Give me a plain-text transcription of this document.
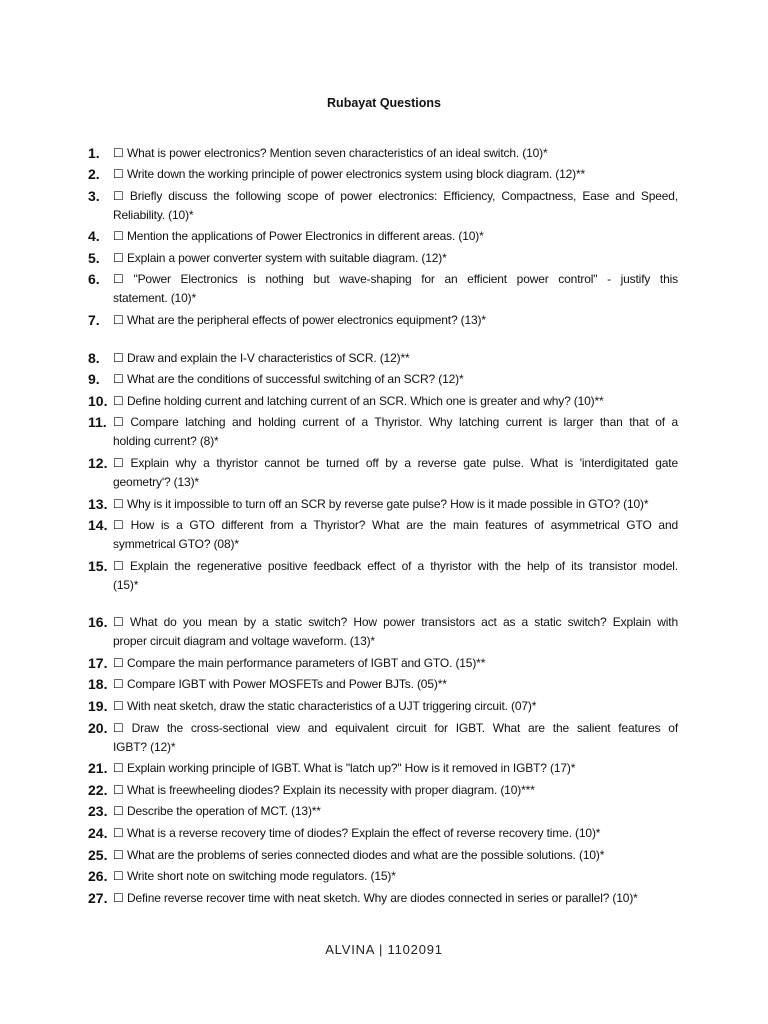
Rubayat Questions
1.	☐ What is power electronics? Mention seven characteristics of an ideal switch. (10)*
2.	☐ Write down the working principle of power electronics system using block diagram. (12)**
3.	☐ Briefly discuss the following scope of power electronics: Efficiency, Compactness, Ease and Speed,
Reliability. (10)*
4.	☐ Mention the applications of Power Electronics in different areas. (10)*
5.	☐ Explain a power converter system with suitable diagram. (12)*
6.	☐ "Power Electronics is nothing but wave-shaping for an efficient power control" - justify this
statement. (10)*
7.	☐ What are the peripheral effects of power electronics equipment? (13)*
8.	☐ Draw and explain the I-V characteristics of SCR. (12)**
9.	☐ What are the conditions of successful switching of an SCR? (12)*
10. ☐ Define holding current and latching current of an SCR. Which one is greater and why? (10)**
11. ☐ Compare latching and holding current of a Thyristor. Why latching current is larger than that of a
holding current? (8)*
12. ☐ Explain why a thyristor cannot be turned off by a reverse gate pulse. What is 'interdigitated gate
geometry'? (13)*
13. ☐ Why is it impossible to turn off an SCR by reverse gate pulse? How is it made possible in GTO? (10)*
14. ☐ How is a GTO different from a Thyristor? What are the main features of asymmetrical GTO and
symmetrical GTO? (08)*
15. ☐ Explain the regenerative positive feedback effect of a thyristor with the help of its transistor model.
(15)*
16. ☐ What do you mean by a static switch? How power transistors act as a static switch? Explain with
proper circuit diagram and voltage waveform. (13)*
17. ☐ Compare the main performance parameters of IGBT and GTO. (15)**
18. ☐ Compare IGBT with Power MOSFETs and Power BJTs. (05)**
19. ☐ With neat sketch, draw the static characteristics of a UJT triggering circuit. (07)*
20. ☐ Draw the cross-sectional view and equivalent circuit for IGBT. What are the salient features of
IGBT? (12)*
21. ☐ Explain working principle of IGBT. What is "latch up?" How is it removed in IGBT? (17)*
22. ☐ What is freewheeling diodes? Explain its necessity with proper diagram. (10)***
23. ☐ Describe the operation of MCT. (13)**
24. ☐ What is a reverse recovery time of diodes? Explain the effect of reverse recovery time. (10)*
25. ☐ What are the problems of series connected diodes and what are the possible solutions. (10)*
26. ☐ Write short note on switching mode regulators. (15)*
27. ☐ Define reverse recover time with neat sketch. Why are diodes connected in series or parallel? (10)*
ALVINA | 1102091
